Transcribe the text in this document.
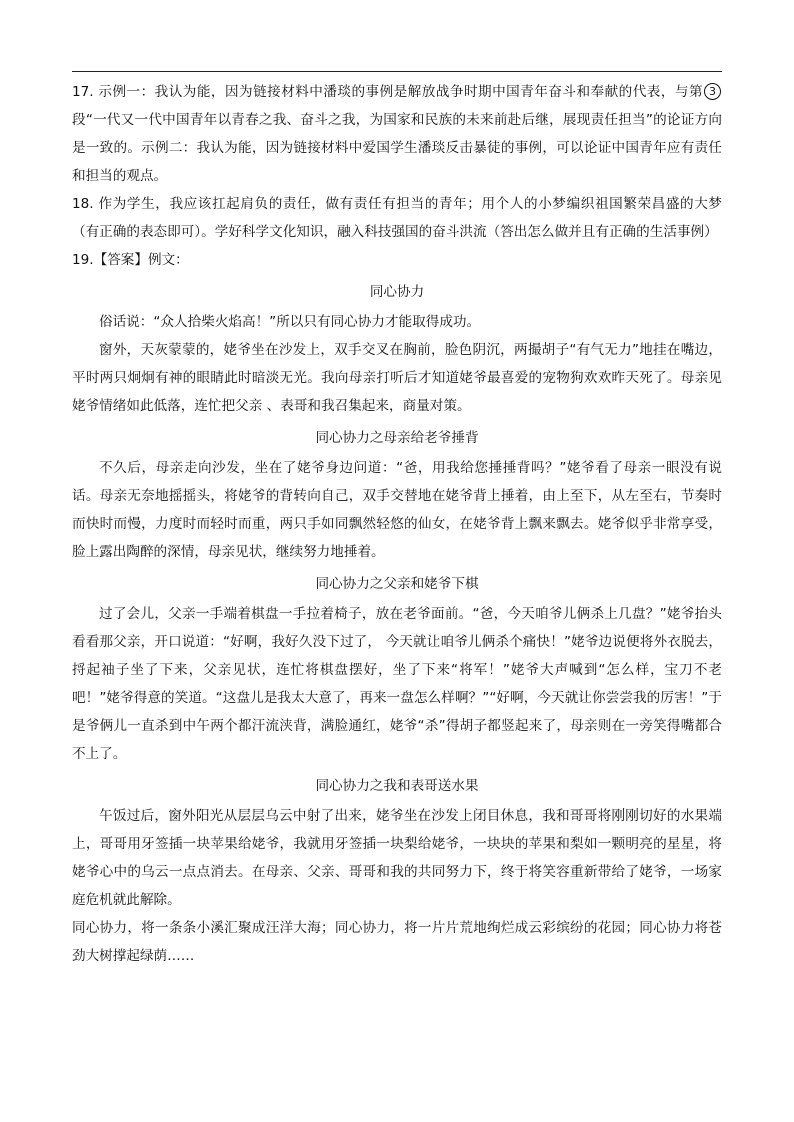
17. 示例一：我认为能，因为链接材料中潘琰的事例是解放战争时期中国青年奋斗和奉献的代表，与第 3段“一代又一代中国青年以青春之我、奋斗之我，为国家和民族的未来前赴后继，展现责任担当”的论证方向是一致的。示例二：我认为能，因为链接材料中爱国学生潘琰反击暴徒的事例，可以论证中国青年应有责任和担当的观点。

18. 作为学生，我应该扛起肩负的责任，做有责任有担当的青年；用个人的小梦编织祖国繁荣昌盛的大梦（有正确的表态即可）。学好科学文化知识，融入科技强国的奋斗洪流（答出怎么做并且有正确的生活事例）

19.【答案】例文：

同心协力

俗话说：“众人拾柴火焰高！”所以只有同心协力才能取得成功。

窗外，天灰蒙蒙的，姥爷坐在沙发上，双手交叉在胸前，脸色阴沉，两撮胡子“有气无力”地挂在嘴边，平时两只炯炯有神的眼睛此时暗淡无光。我向母亲打听后才知道姥爷最喜爱的宠物狗欢欢昨天死了。母亲见姥爷情绪如此低落，连忙把父亲 、表哥和我召集起来，商量对策。

同心协力之母亲给老爷捶背

不久后，母亲走向沙发，坐在了姥爷身边问道：“爸，用我给您捶捶背吗？”姥爷看了母亲一眼没有说话。母亲无奈地摇摇头，将姥爷的背转向自己，双手交替地在姥爷背上捶着，由上至下，从左至右，节奏时而快时而慢，力度时而轻时而重，两只手如同飘然轻悠的仙女，在姥爷背上飘来飘去。姥爷似乎非常享受，脸上露出陶醉的深情，母亲见状，继续努力地捶着。

同心协力之父亲和姥爷下棋

过了会儿，父亲一手端着棋盘一手拉着椅子，放在老爷面前。“爸，今天咱爷儿俩杀上几盘？”姥爷抬头看看那父亲，开口说道：“好啊，我好久没下过了， 今天就让咱爷儿俩杀个痛快！”姥爷边说便将外衣脱去，捋起袖子坐了下来，父亲见状，连忙将棋盘摆好，坐了下来“将军！”姥爷大声喊到“怎么样，宝刀不老吧！”姥爷得意的笑道。“这盘儿是我太大意了，再来一盘怎么样啊？”“好啊，今天就让你尝尝我的厉害！”于是爷俩儿一直杀到中午两个都汗流浃背，满脸通红，姥爷“杀”得胡子都竖起来了，母亲则在一旁笑得嘴都合不上了。

同心协力之我和表哥送水果

午饭过后，窗外阳光从层层乌云中射了出来，姥爷坐在沙发上闭目休息，我和哥哥将刚刚切好的水果端上，哥哥用牙签插一块苹果给姥爷，我就用牙签插一块梨给姥爷，一块块的苹果和梨如一颗明亮的星星，将姥爷心中的乌云一点点消去。在母亲、父亲、哥哥和我的共同努力下，终于将笑容重新带给了姥爷，一场家庭危机就此解除。

同心协力，将一条条小溪汇聚成汪洋大海；同心协力，将一片片荒地绚烂成云彩缤纷的花园；同心协力将苍劲大树撑起绿荫……
